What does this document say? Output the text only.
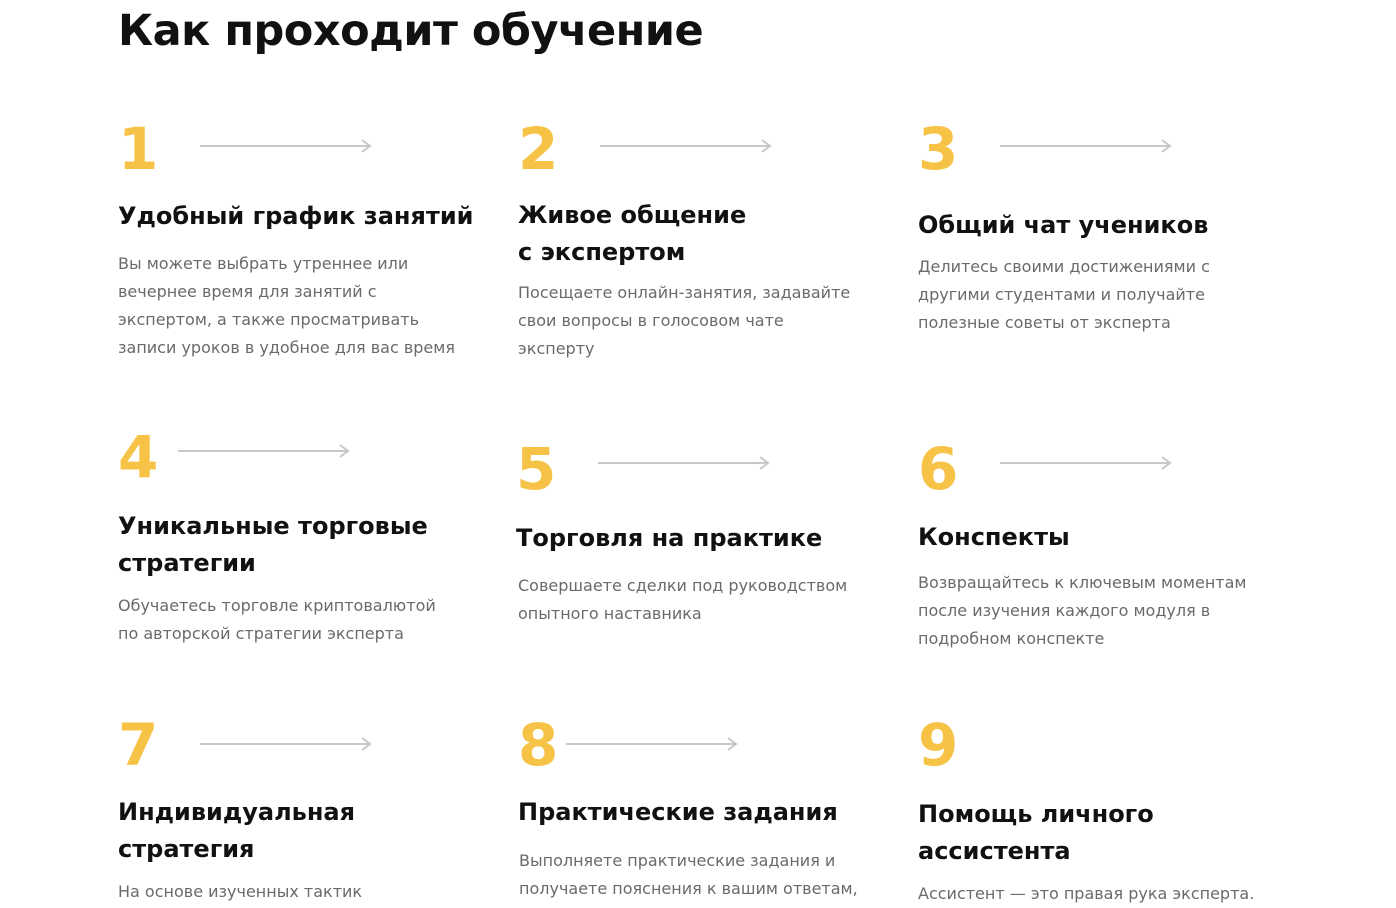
Как проходит обучение
1
Удобный график занятий

Вы можете выбрать утреннее или
вечернее время для занятий с
экспертом, а также просматривать
записи уроков в удобное для вас время

2
Живое общение
с экспертом

Посещаете онлайн-занятия, задавайте
свои вопросы в голосовом чате
эксперту

3
Общий чат учеников

Делитесь своими достижениями с
другими студентами и получайте
полезные советы от эксперта

4
Уникальные торговые
стратегии

Обучаетесь торговле криптовалютой
по авторской стратегии эксперта

5
Торговля на практике

Совершаете сделки под руководством
опытного наставника

6
Конспекты

Возвращайтесь к ключевым моментам
после изучения каждого модуля в
подробном конспекте

7
Индивидуальная
стратегия

На основе изученных тактик

8
Практические задания

Выполняете практические задания и
получаете пояснения к вашим ответам,

9
Помощь личного
ассистента

Ассистент — это правая рука эксперта.
